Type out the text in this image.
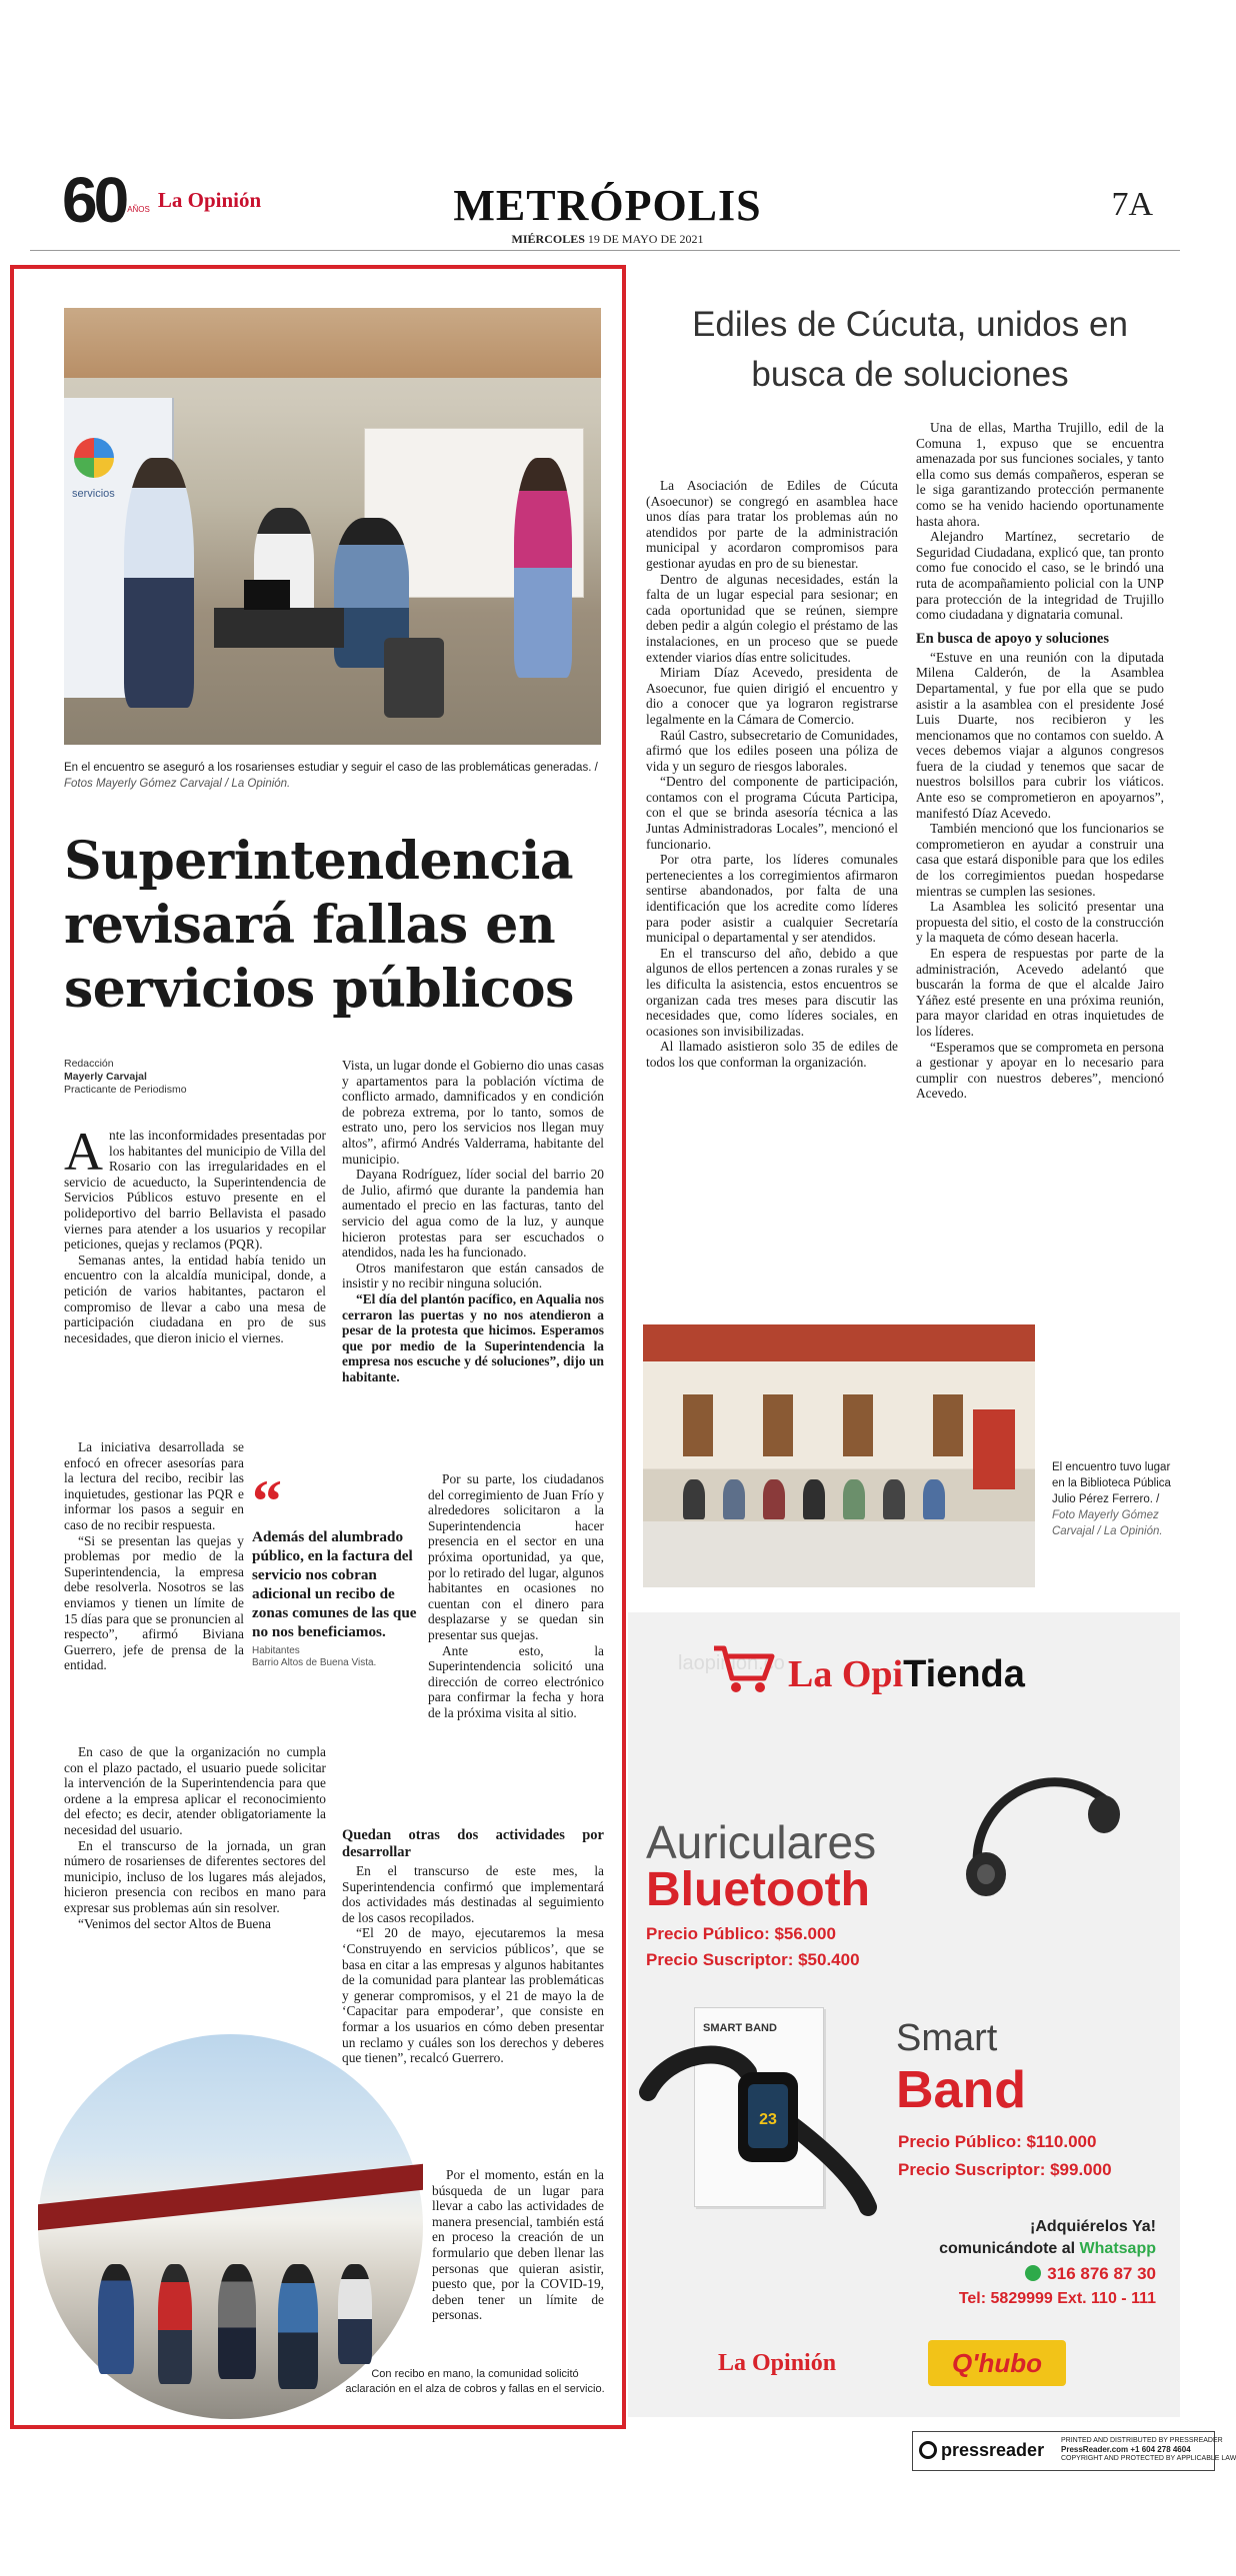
60 AÑOS La Opinión	METRÓPOLIS
MIÉRCOLES 19 DE MAYO DE 2021
7A
servicios
En el encuentro se aseguró a los rosarienses estudiar y seguir el caso de las problemáticas generadas. / Fotos Mayerly Gómez Carvajal / La Opinión.
Superintendencia revisará fallas en servicios públicos
Redacción
Mayerly Carvajal
Practicante de Periodismo

Ante las inconformidades presentadas por los habitantes del municipio de Villa del Rosario con las irregularidades en el servicio de acueducto, la Superintendencia de Servicios Públicos estuvo presente en el polideportivo del barrio Bellavista el pasado viernes para atender a los usuarios y recopilar peticiones, quejas y reclamos (PQR).

Semanas antes, la entidad había tenido un encuentro con la alcaldía municipal, donde, a petición de varios habitantes, pactaron el compromiso de llevar a cabo una mesa de participación ciudadana en pro de sus necesidades, que dieron inicio el viernes.

La iniciativa desarrollada se enfocó en ofrecer asesorías para la lectura del recibo, recibir las inquietudes, gestionar las PQR e informar los pasos a seguir en caso de no recibir respuesta.

“Si se presentan las quejas y problemas por medio de la Superintendencia, la empresa debe resolverla. Nosotros se las enviamos y tienen un límite de 15 días para que se pronuncien al respecto”, afirmó Biviana Guerrero, jefe de prensa de la entidad.

En caso de que la organización no cumpla con el plazo pactado, el usuario puede solicitar la intervención de la Superintendencia para que ordene a la empresa aplicar el reconocimiento del efecto; es decir, atender obligatoriamente la necesidad del usuario.

En el transcurso de la jornada, un gran número de rosarienses de diferentes sectores del municipio, incluso de los lugares más alejados, hicieron presencia con recibos en mano para expresar sus problemas aún sin resolver.

“Venimos del sector Altos de Buena

“
Además del alumbrado público, en la factura del servicio nos cobran adicional un recibo de zonas comunes de las que no nos beneficiamos.
Habitantes
Barrio Altos de Buena Vista.

Vista, un lugar donde el Gobierno dio unas casas y apartamentos para la población víctima de conflicto armado, damnificados y en condición de pobreza extrema, por lo tanto, somos de estrato uno, pero los servicios nos llegan muy altos”, afirmó Andrés Valderrama, habitante del municipio.

Dayana Rodríguez, líder social del barrio 20 de Julio, afirmó que durante la pandemia han aumentado el precio en las facturas, tanto del servicio del agua como de la luz, y aunque hicieron protestas para ser escuchados o atendidos, nada les ha funcionado.

Otros manifestaron que están cansados de insistir y no recibir ninguna solución.

“El día del plantón pacífico, en Aqualia nos cerraron las puertas y no nos atendieron a pesar de la protesta que hicimos. Esperamos que por medio de la Superintendencia la empresa nos escuche y dé soluciones”, dijo un habitante.

Por su parte, los ciudadanos del corregimiento de Juan Frío y alrededores solicitaron a la Superintendencia hacer presencia en el sector en una próxima oportunidad, ya que, por lo retirado del lugar, algunos habitantes en ocasiones no cuentan con el dinero para desplazarse y se quedan sin presentar sus quejas.

Ante esto, la Superintendencia solicitó una dirección de correo electrónico para confirmar la fecha y hora de la próxima visita al sitio.

Quedan otras dos actividades por desarrollar

En el transcurso de este mes, la Superintendencia confirmó que implementará dos actividades más destinadas al seguimiento de los casos recopilados.

“El 20 de mayo, ejecutaremos la mesa ‘Construyendo en servicios públicos’, que se basa en citar a las empresas y algunos habitantes de la comunidad para plantear las problemáticas y generar compromisos, y el 21 de mayo la de ‘Capacitar para empoderar’, que consiste en formar a los usuarios en cómo deben presentar un reclamo y cuáles son los derechos y deberes que tienen”, recalcó Guerrero.

Por el momento, están en la búsqueda de un lugar para llevar a cabo las actividades de manera presencial, también está en proceso la creación de un formulario que deben llenar las personas que quieran asistir, puesto que, por la COVID-19, deben tener un límite de personas.

Con recibo en mano, la comunidad solicitó aclaración en el alza de cobros y fallas en el servicio.
Ediles de Cúcuta, unidos en busca de soluciones

La Asociación de Ediles de Cúcuta (Asoecunor) se congregó en asamblea hace unos días para tratar los problemas aún no atendidos por parte de la administración municipal y acordaron compromisos para gestionar ayudas en pro de su bienestar.

Dentro de algunas necesidades, están la falta de un lugar especial para sesionar; en cada oportunidad que se reúnen, siempre deben pedir a algún colegio el préstamo de las instalaciones, en un proceso que se puede extender viarios días entre solicitudes.

Miriam Díaz Acevedo, presidenta de Asoecunor, fue quien dirigió el encuentro y dio a conocer que ya lograron registrarse legalmente en la Cámara de Comercio.

Raúl Castro, subsecretario de Comunidades, afirmó que los ediles poseen una póliza de vida y un seguro de riesgos laborales.

“Dentro del componente de participación, contamos con el programa Cúcuta Participa, con el que se brinda asesoría técnica a las Juntas Administradoras Locales”, mencionó el funcionario.

Por otra parte, los líderes comunales pertenecientes a los corregimientos afirmaron sentirse abandonados, por falta de una identificación que los acredite como líderes para poder asistir a cualquier Secretaría municipal o departamental y ser atendidos.

En el transcurso del año, debido a que algunos de ellos pertencen a zonas rurales y se les dificulta la asistencia, estos encuentros se organizan cada tres meses para discutir las necesidades que, como líderes sociales, en ocasiones son invisibilizadas.

Al llamado asistieron solo 35 de ediles de todos los que conforman la organización.

Una de ellas, Martha Trujillo, edil de la Comuna 1, expuso que se encuentra amenazada por sus funciones sociales, y tanto ella como sus demás compañeros, esperan se le siga garantizando protección permanente como se ha venido haciendo oportunamente hasta ahora.

Alejandro Martínez, secretario de Seguridad Ciudadana, explicó que, tan pronto como fue conocido el caso, se le brindó una ruta de acompañamiento policial con la UNP para protección de la integridad de Trujillo como ciudadana y dignataria comunal.

En busca de apoyo y soluciones

“Estuve en una reunión con la diputada Milena Calderón, de la Asamblea Departamental, y fue por ella que se pudo asistir a la asamblea con el presidente José Luis Duarte, nos recibieron y les mencionamos que no contamos con sueldo. A veces debemos viajar a algunos congresos fuera de la ciudad y tenemos que sacar de nuestros bolsillos para cubrir los viáticos. Ante eso se comprometieron en apoyarnos”, manifestó Díaz Acevedo.

También mencionó que los funcionarios se comprometieron en ayudar a construir una casa que estará disponible para que los ediles de los corregimientos puedan hospedarse mientras se cumplen las sesiones.

La Asamblea les solicitó presentar una propuesta del sitio, el costo de la construcción y la maqueta de cómo desean hacerla.

En espera de respuestas por parte de la administración, Acevedo adelantó que buscarán la forma de que el alcalde Jairo Yáñez esté presente en una próxima reunión, para mayor claridad en otras inquietudes de los líderes.

“Esperamos que se comprometa en persona a gestionar y apoyar en lo necesario para cumplir con nuestros deberes”, mencionó Acevedo.

El encuentro tuvo lugar en la Biblioteca Pública Julio Pérez Ferrero. / Foto Mayerly Gómez Carvajal / La Opinión.
laopinion.co La OpiTienda
Auriculares
Bluetooth
Precio Público: $56.000
Precio Suscriptor: $50.400
SMART BAND
23
Smart
Band
Precio Público: $110.000
Precio Suscriptor: $99.000
¡Adquiérelos Ya!
comunicándote al Whatsapp
316 876 87 30
Tel: 5829999 Ext. 110 - 111
La Opinión	Q'hubo
pressreader PRINTED AND DISTRIBUTED BY PRESSREADER
PressReader.com +1 604 278 4604
COPYRIGHT AND PROTECTED BY APPLICABLE LAW
